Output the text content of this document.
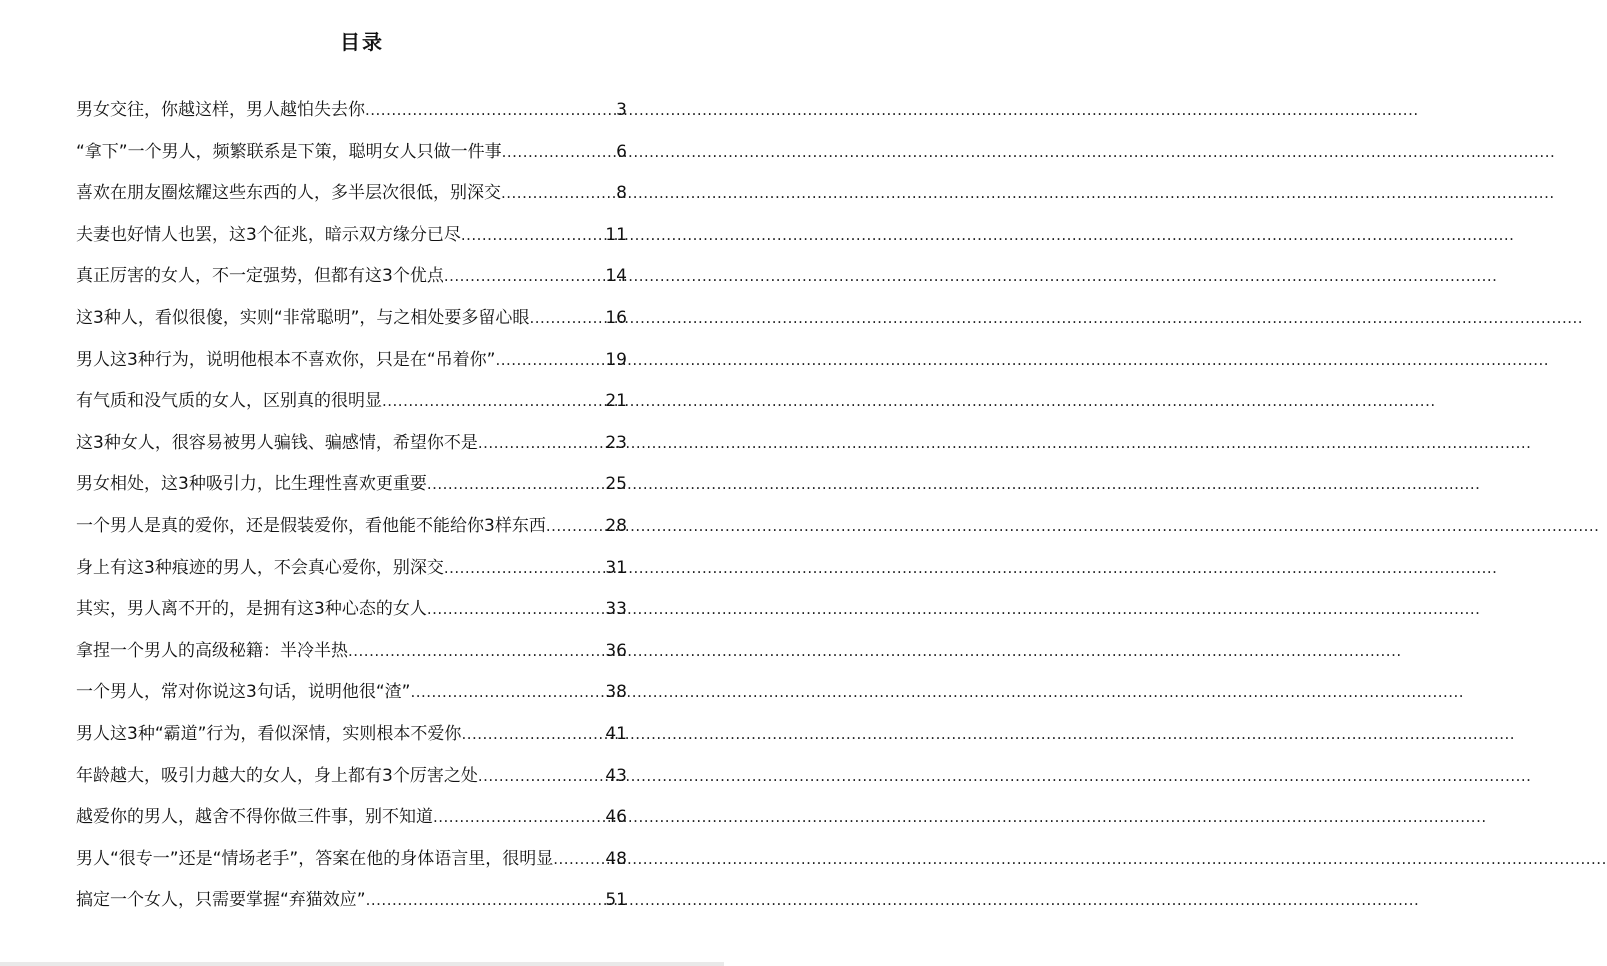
目录
男女交往，你越这样，男人越怕失去你 .....	3
“拿下”一个男人，频繁联系是下策，聪明女人只做一件事 .....	6
喜欢在朋友圈炫耀这些东西的人，多半层次很低，别深交 .....	8
夫妻也好情人也罢，这3个征兆，暗示双方缘分已尽 .....	11
真正厉害的女人，不一定强势，但都有这3个优点 .....	14
这3种人，看似很傻，实则“非常聪明”，与之相处要多留心眼 .....	16
男人这3种行为，说明他根本不喜欢你，只是在“吊着你” .....	19
有气质和没气质的女人，区别真的很明显 .....	21
这3种女人，很容易被男人骗钱、骗感情，希望你不是 .....	23
男女相处，这3种吸引力，比生理性喜欢更重要 .....	25
一个男人是真的爱你，还是假装爱你，看他能不能给你3样东西 .....	28
身上有这3种痕迹的男人，不会真心爱你，别深交 .....	31
其实，男人离不开的，是拥有这3种心态的女人 .....	33
拿捏一个男人的高级秘籍：半冷半热 .....	36
一个男人，常对你说这3句话，说明他很“渣” .....	38
男人这3种“霸道”行为，看似深情，实则根本不爱你 .....	41
年龄越大，吸引力越大的女人，身上都有3个厉害之处 .....	43
越爱你的男人，越舍不得你做三件事，别不知道 .....	46
男人“很专一”还是“情场老手”，答案在他的身体语言里，很明显 .....	48
搞定一个女人，只需要掌握“弃猫效应” .....	51
